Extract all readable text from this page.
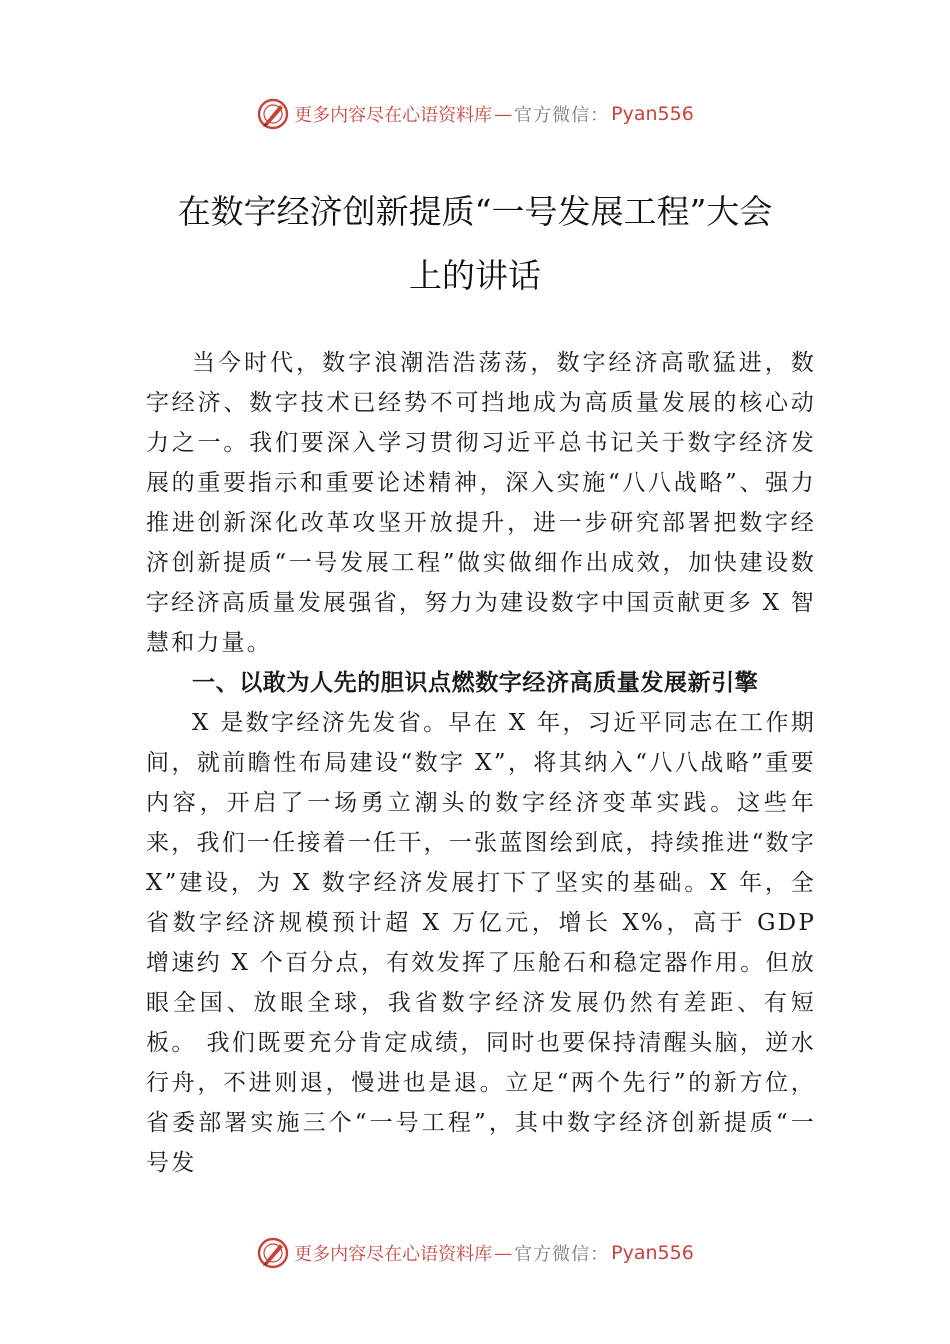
更多内容尽在心语资料库 — 官方微信： Pyan556
在数字经济创新提质“一号发展工程”大会
上的讲话

当今时代，数字浪潮浩浩荡荡，数字经济高歌猛进，数字经济、数字技术已经势不可挡地成为高质量发展的核心动力之一。我们要深入学习贯彻习近平总书记关于数字经济发展的重要指示和重要论述精神，深入实施“八八战略”、强力推进创新深化改革攻坚开放提升，进一步研究部署把数字经济创新提质“一号发展工程”做实做细作出成效，加快建设数字经济高质量发展强省，努力为建设数字中国贡献更多 X 智慧和力量。

一、以敢为人先的胆识点燃数字经济高质量发展新引擎

X 是数字经济先发省。早在 X 年，习近平同志在工作期间，就前瞻性布局建设“数字 X”，将其纳入“八八战略”重要内容，开启了一场勇立潮头的数字经济变革实践。这些年来，我们一任接着一任干，一张蓝图绘到底，持续推进“数字 X”建设，为 X 数字经济发展打下了坚实的基础。X 年，全省数字经济规模预计超 X 万亿元，增长 X%，高于 GDP 增速约 X 个百分点，有效发挥了压舱石和稳定器作用。但放眼全国、放眼全球，我省数字经济发展仍然有差距、有短板。 我们既要充分肯定成绩，同时也要保持清醒头脑，逆水行舟，不进则退，慢进也是退。立足“两个先行”的新方位，省委部署实施三个“一号工程”，其中数字经济创新提质“一号发

更多内容尽在心语资料库 — 官方微信： Pyan556
